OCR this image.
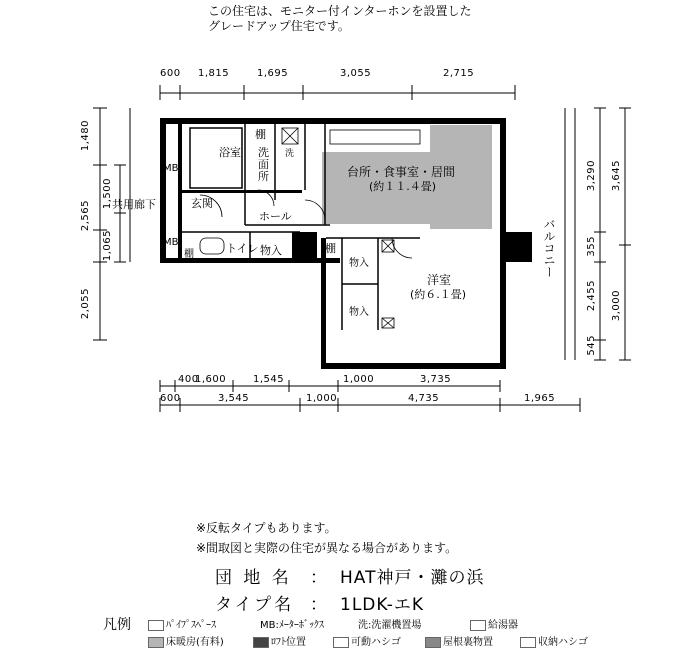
この住宅は、モニター付インターホンを設置した
グレードアップ住宅です。
600 1,815	1,695	3,055	2,715
400
1,600	1,545	1,000	3,735
600	3,545	1,000	4,735	1,965
1,480
1,500
2,565
1,065
2,055
3,290
355
2,455
545
3,645
3,000
浴室 洗面所
洗
棚
MB
MB
共用廊下	玄関
ホール
トイレ 物入
棚	棚
台所・食事室・居間
(約１１.４畳)
物入
物入
洋室
(約６.１畳)
バルコニー
※反転タイプもあります。
※間取図と実際の住宅が異なる場合があります。
団 地 名 ： HAT神戸・灘の浜
タイプ名 ： 1LDK-エK
凡例	ﾊﾟｲﾌﾟｽﾍﾟｰｽ	MB:ﾒｰﾀｰﾎﾞｯｸｽ	洗:洗濯機置場	給湯器
床暖房(有料)	ﾛﾌﾄ位置	可動ハシゴ	屋根裏物置	収納ハシゴ
